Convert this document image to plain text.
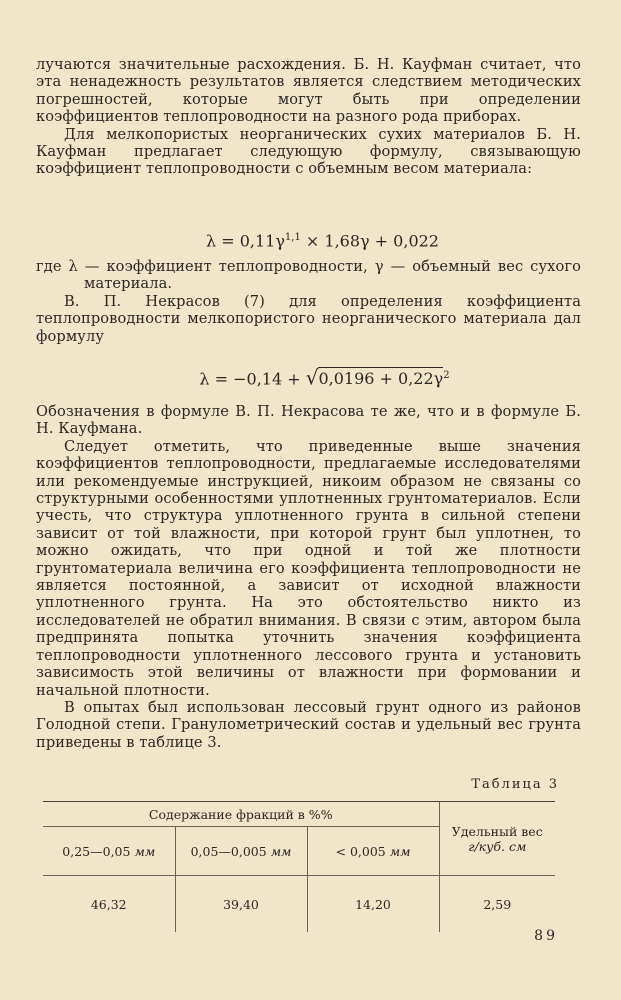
лучаются значительные расхождения. Б. Н. Кауфман считает, что эта ненадежность результатов является следствием методических погрешностей, которые могут быть при определении коэффициентов теплопроводности на разного рода приборах.

Для мелкопористых неорганических сухих материалов Б. Н. Кауфман предлагает следующую формулу, связывающую коэффициент теплопроводности с объемным весом материала:

$\lambda = 0,11\gamma^{1,1} \times 1,68\gamma + 0,022$

где λ — коэффициент теплопроводности, γ — объемный вес сухого материала.

В. П. Некрасов (7) для определения коэффициента теплопроводности мелкопористого неорганического материала дал формулу

$\lambda = -0,14 + √0,0196 + 0,22\gamma^2$

Обозначения в формуле В. П. Некрасова те же, что и в формуле Б. Н. Кауфмана.

Следует отметить, что приведенные выше значения коэффициентов теплопроводности, предлагаемые исследователями или рекомендуемые инструкцией, никоим образом не связаны со структурными особенностями уплотненных грунтоматериалов. Если учесть, что структура уплотненного грунта в сильной степени зависит от той влажности, при которой грунт был уплотнен, то можно ожидать, что при одной и той же плотности грунтоматериала величина его коэффициента теплопроводности не является постоянной, а зависит от исходной влажности уплотненного грунта. На это обстоятельство никто из исследователей не обратил внимания. В связи с этим, автором была предпринята попытка уточнить значения коэффициента теплопроводности уплотненного лессового грунта и установить зависимость этой величины от влажности при формовании и начальной плотности.

В опытах был использован лессовый грунт одного из районов Голодной степи. Гранулометрический состав и удельный вес грунта приведены в таблице 3.

Таблица 3
Содержание фракций в %%			Удельный вес
г/куб. см

0,25—0,05 мм	0,05—0,005 мм	< 0,005 мм	
46,32	39,40	14,20	2,59
89
